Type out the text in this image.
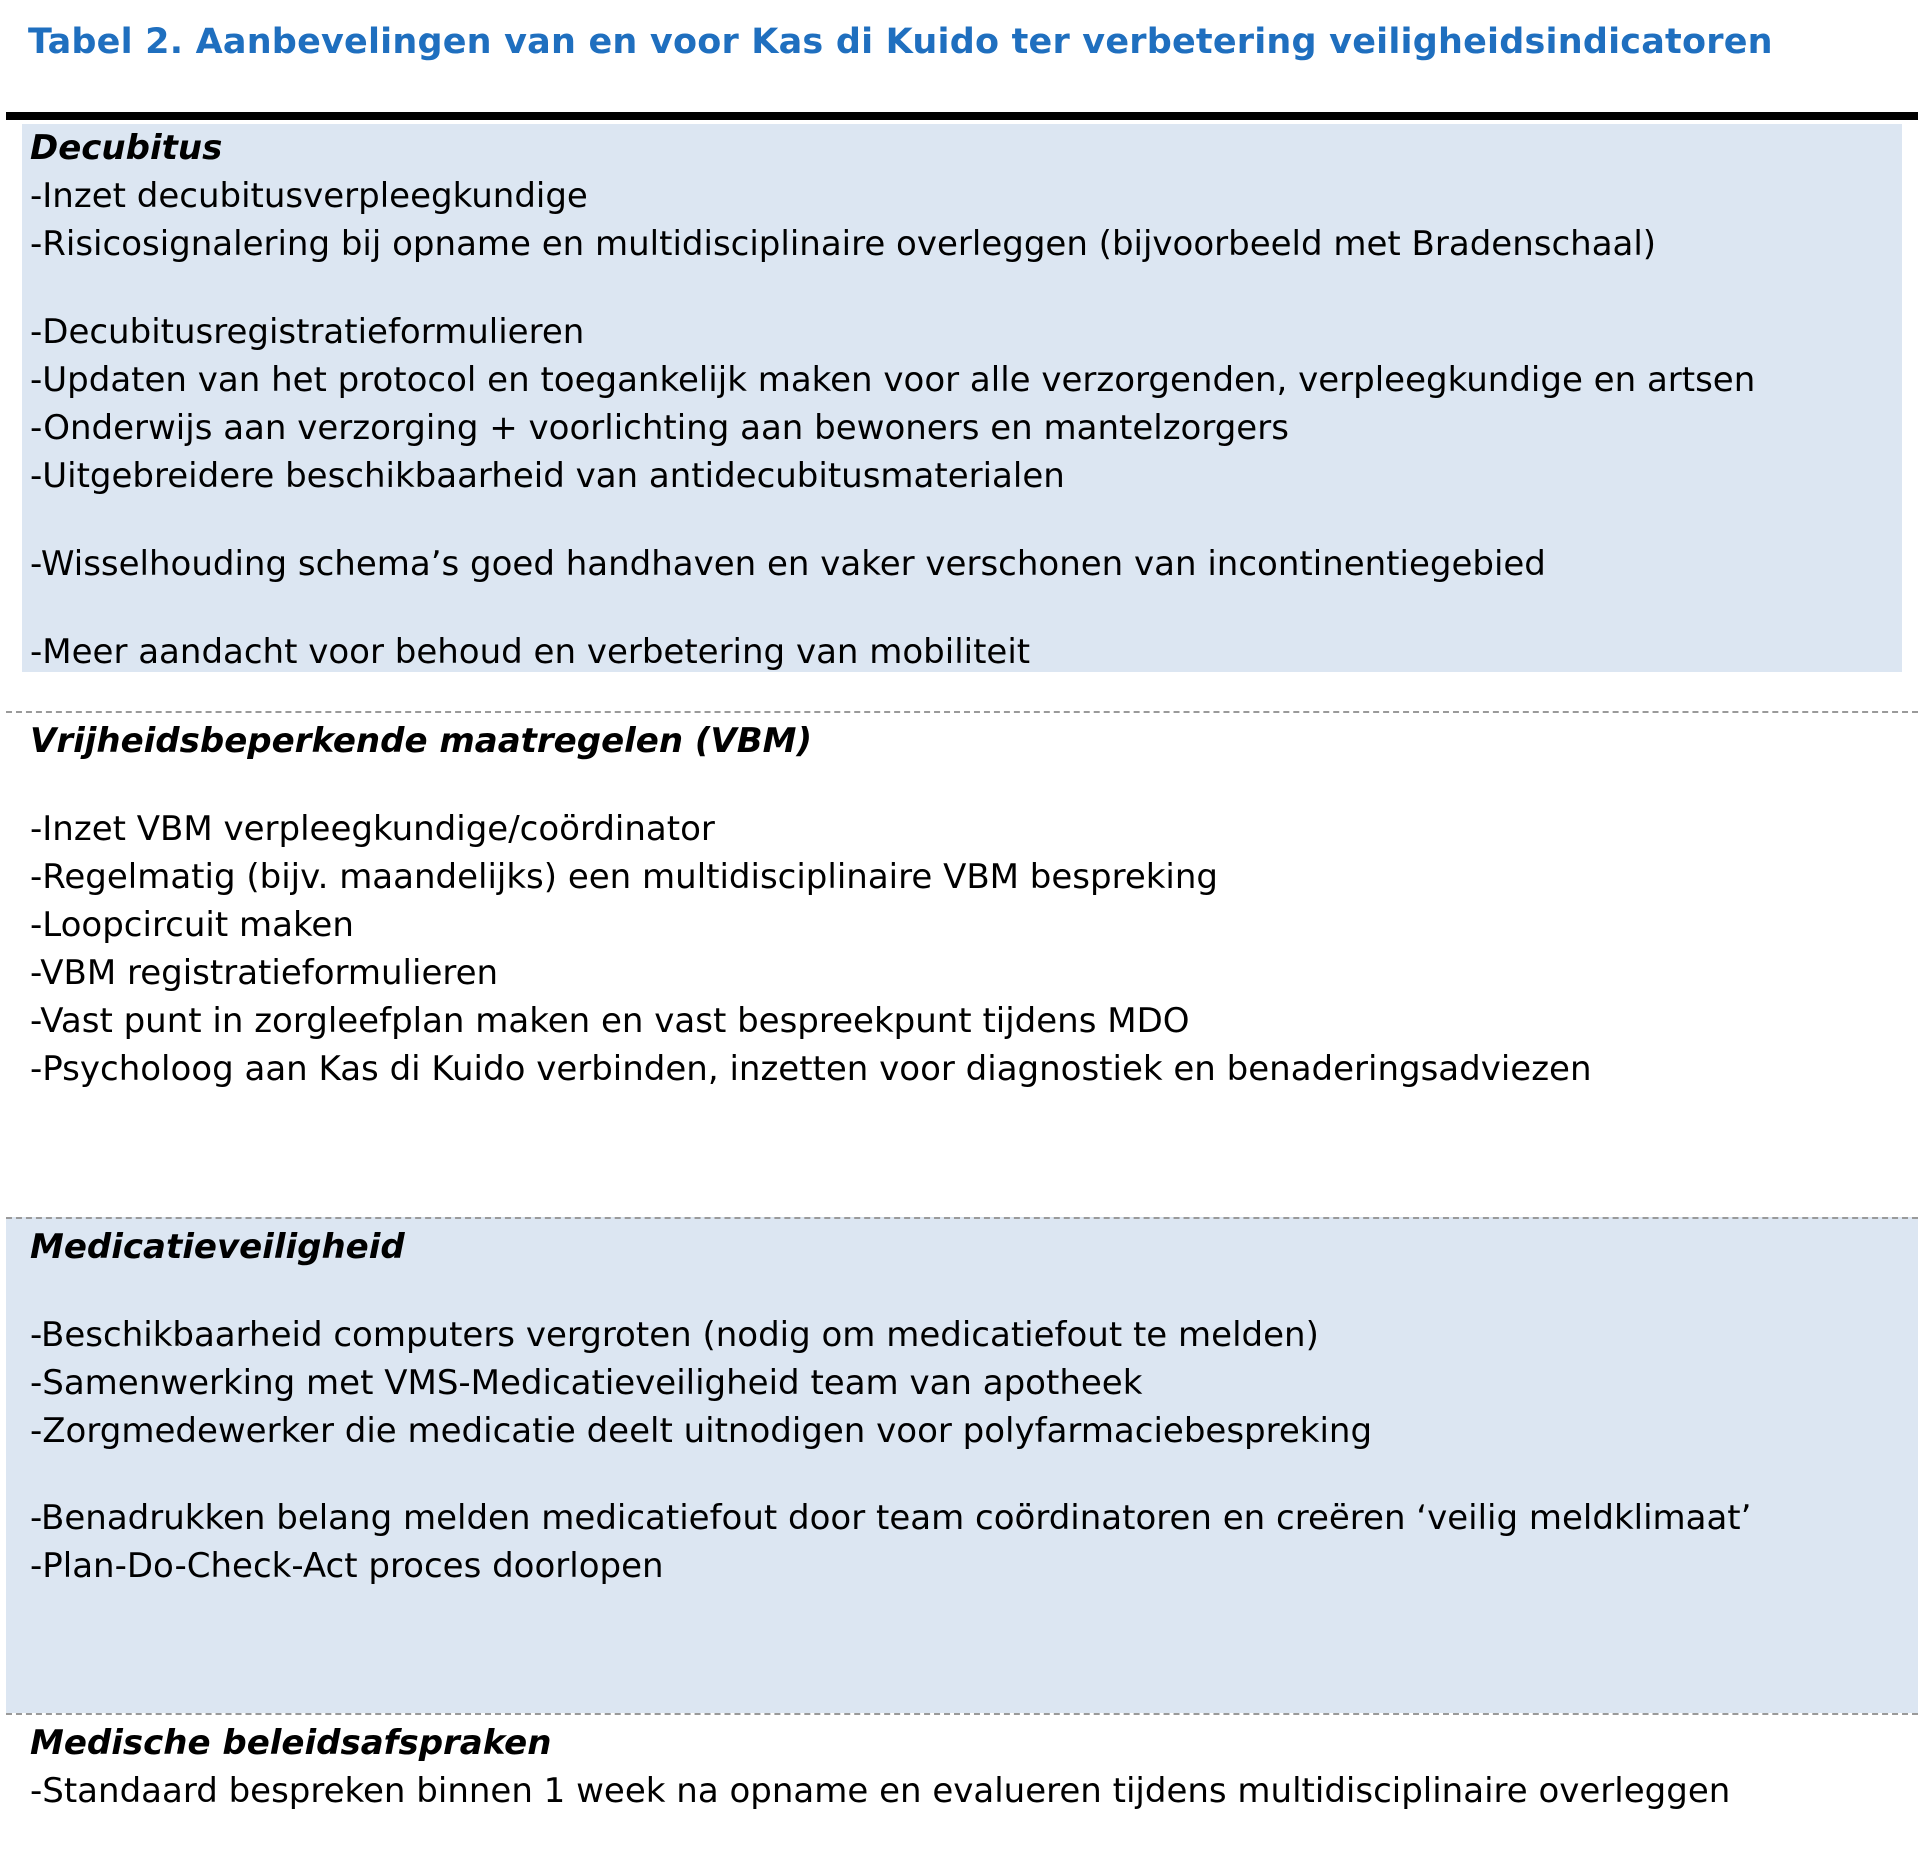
Tabel 2. Aanbevelingen van en voor Kas di Kuido ter verbetering veiligheidsindicatoren
Decubitus
-Inzet decubitusverpleegkundige
-Risicosignalering bij opname en multidisciplinaire overleggen (bijvoorbeeld met Bradenschaal)
-Decubitusregistratieformulieren
-Updaten van het protocol en toegankelijk maken voor alle verzorgenden, verpleegkundige en artsen
-Onderwijs aan verzorging + voorlichting aan bewoners en mantelzorgers
-Uitgebreidere beschikbaarheid van antidecubitusmaterialen
-Wisselhouding schema’s goed handhaven en vaker verschonen van incontinentiegebied
-Meer aandacht voor behoud en verbetering van mobiliteit
Vrijheidsbeperkende maatregelen (VBM)
-Inzet VBM verpleegkundige/coördinator
-Regelmatig (bijv. maandelijks) een multidisciplinaire VBM bespreking
-Loopcircuit maken
-VBM registratieformulieren
-Vast punt in zorgleefplan maken en vast bespreekpunt tijdens MDO
-Psycholoog aan Kas di Kuido verbinden, inzetten voor diagnostiek en benaderingsadviezen
Medicatieveiligheid
-Beschikbaarheid computers vergroten (nodig om medicatiefout te melden)
-Samenwerking met VMS-Medicatieveiligheid team van apotheek
-Zorgmedewerker die medicatie deelt uitnodigen voor polyfarmaciebespreking
-Benadrukken belang melden medicatiefout door team coördinatoren en creëren ‘veilig meldklimaat’
-Plan-Do-Check-Act proces doorlopen
Medische beleidsafspraken
-Standaard bespreken binnen 1 week na opname en evalueren tijdens multidisciplinaire overleggen
